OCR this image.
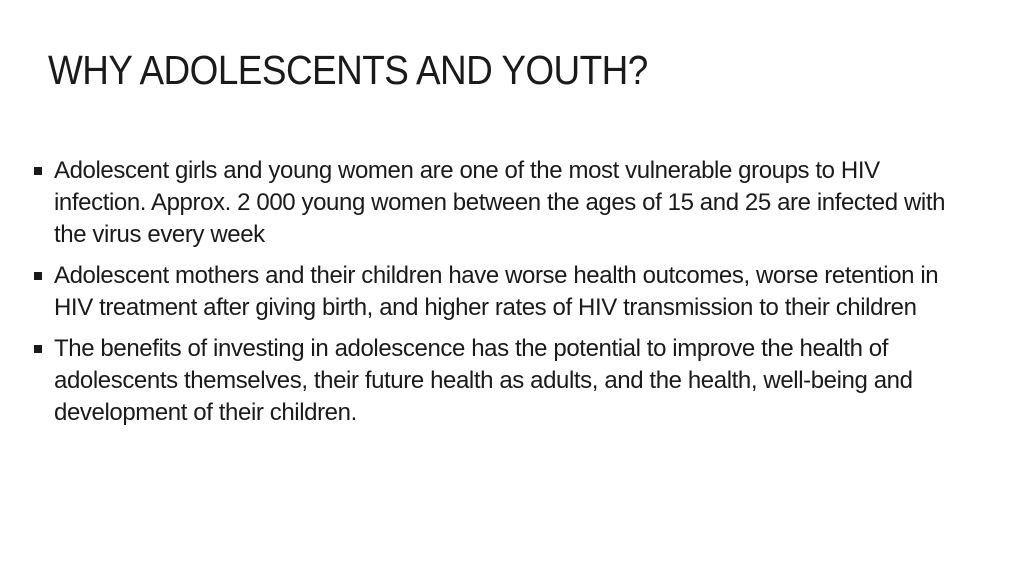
WHY ADOLESCENTS AND YOUTH?
Adolescent girls and young women are one of the most vulnerable groups to HIV infection. Approx. 2 000 young women between the ages of 15 and 25 are infected with the virus every week
Adolescent mothers and their children have worse health outcomes, worse retention in HIV treatment after giving birth, and higher rates of HIV transmission to their children
The benefits of investing in adolescence has the potential to improve the health of adolescents themselves, their future health as adults, and the health, well-being and development of their children.
